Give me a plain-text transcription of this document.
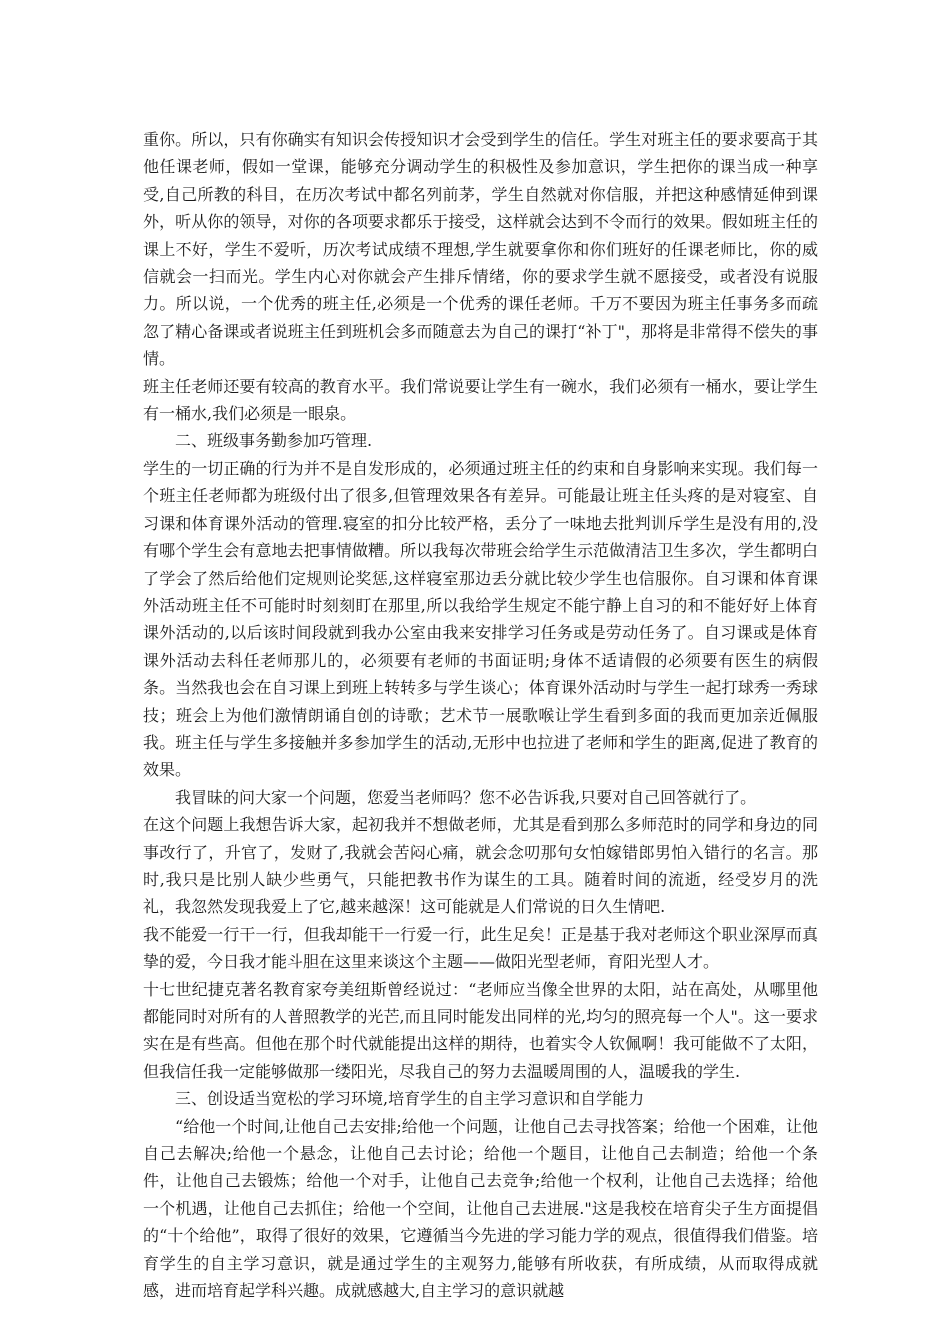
重你。所以，只有你确实有知识会传授知识才会受到学生的信任。学生对班主任的要求要高于其他任课老师，假如一堂课，能够充分调动学生的积极性及参加意识，学生把你的课当成一种享受,自己所教的科目，在历次考试中都名列前茅，学生自然就对你信服，并把这种感情延伸到课外，听从你的领导，对你的各项要求都乐于接受，这样就会达到不令而行的效果。假如班主任的课上不好，学生不爱听，历次考试成绩不理想,学生就要拿你和你们班好的任课老师比，你的威信就会一扫而光。学生内心对你就会产生排斥情绪，你的要求学生就不愿接受，或者没有说服力。所以说，一个优秀的班主任,必须是一个优秀的课任老师。千万不要因为班主任事务多而疏忽了精心备课或者说班主任到班机会多而随意去为自己的课打“补丁"，那将是非常得不偿失的事情。

班主任老师还要有较高的教育水平。我们常说要让学生有一碗水，我们必须有一桶水，要让学生有一桶水,我们必须是一眼泉。

二、班级事务勤参加巧管理.

学生的一切正确的行为并不是自发形成的，必须通过班主任的约束和自身影响来实现。我们每一个班主任老师都为班级付出了很多,但管理效果各有差异。可能最让班主任头疼的是对寝室、自习课和体育课外活动的管理.寝室的扣分比较严格，丢分了一味地去批判训斥学生是没有用的,没有哪个学生会有意地去把事情做糟。所以我每次带班会给学生示范做清洁卫生多次，学生都明白了学会了然后给他们定规则论奖惩,这样寝室那边丢分就比较少学生也信服你。自习课和体育课外活动班主任不可能时时刻刻盯在那里,所以我给学生规定不能宁静上自习的和不能好好上体育课外活动的,以后该时间段就到我办公室由我来安排学习任务或是劳动任务了。自习课或是体育课外活动去科任老师那儿的，必须要有老师的书面证明;身体不适请假的必须要有医生的病假条。当然我也会在自习课上到班上转转多与学生谈心；体育课外活动时与学生一起打球秀一秀球技；班会上为他们激情朗诵自创的诗歌；艺术节一展歌喉让学生看到多面的我而更加亲近佩服我。班主任与学生多接触并多参加学生的活动,无形中也拉进了老师和学生的距离,促进了教育的效果。

我冒昧的问大家一个问题，您爱当老师吗？您不必告诉我,只要对自己回答就行了。

在这个问题上我想告诉大家，起初我并不想做老师，尤其是看到那么多师范时的同学和身边的同事改行了，升官了，发财了,我就会苦闷心痛，就会念叨那句女怕嫁错郎男怕入错行的名言。那时,我只是比别人缺少些勇气，只能把教书作为谋生的工具。随着时间的流逝，经受岁月的洗礼，我忽然发现我爱上了它,越来越深！这可能就是人们常说的日久生情吧.

我不能爱一行干一行，但我却能干一行爱一行，此生足矣！正是基于我对老师这个职业深厚而真挚的爱，今日我才能斗胆在这里来谈这个主题——做阳光型老师，育阳光型人才。

十七世纪捷克著名教育家夸美纽斯曾经说过：“老师应当像全世界的太阳，站在高处，从哪里他都能同时对所有的人普照教学的光芒,而且同时能发出同样的光,均匀的照亮每一个人"。这一要求实在是有些高。但他在那个时代就能提出这样的期待，也着实令人钦佩啊！我可能做不了太阳，但我信任我一定能够做那一缕阳光，尽我自己的努力去温暖周围的人，温暖我的学生.

三、创设适当宽松的学习环境,培育学生的自主学习意识和自学能力

“给他一个时间,让他自己去安排;给他一个问题，让他自己去寻找答案；给他一个困难，让他自己去解决;给他一个悬念，让他自己去讨论；给他一个题目，让他自己去制造；给他一个条件，让他自己去锻炼；给他一个对手，让他自己去竞争;给他一个权利，让他自己去选择；给他一个机遇，让他自己去抓住；给他一个空间，让他自己去进展."这是我校在培育尖子生方面提倡的“十个给他”，取得了很好的效果，它遵循当今先进的学习能力学的观点，很值得我们借鉴。培育学生的自主学习意识，就是通过学生的主观努力,能够有所收获，有所成绩，从而取得成就感，进而培育起学科兴趣。成就感越大,自主学习的意识就越
